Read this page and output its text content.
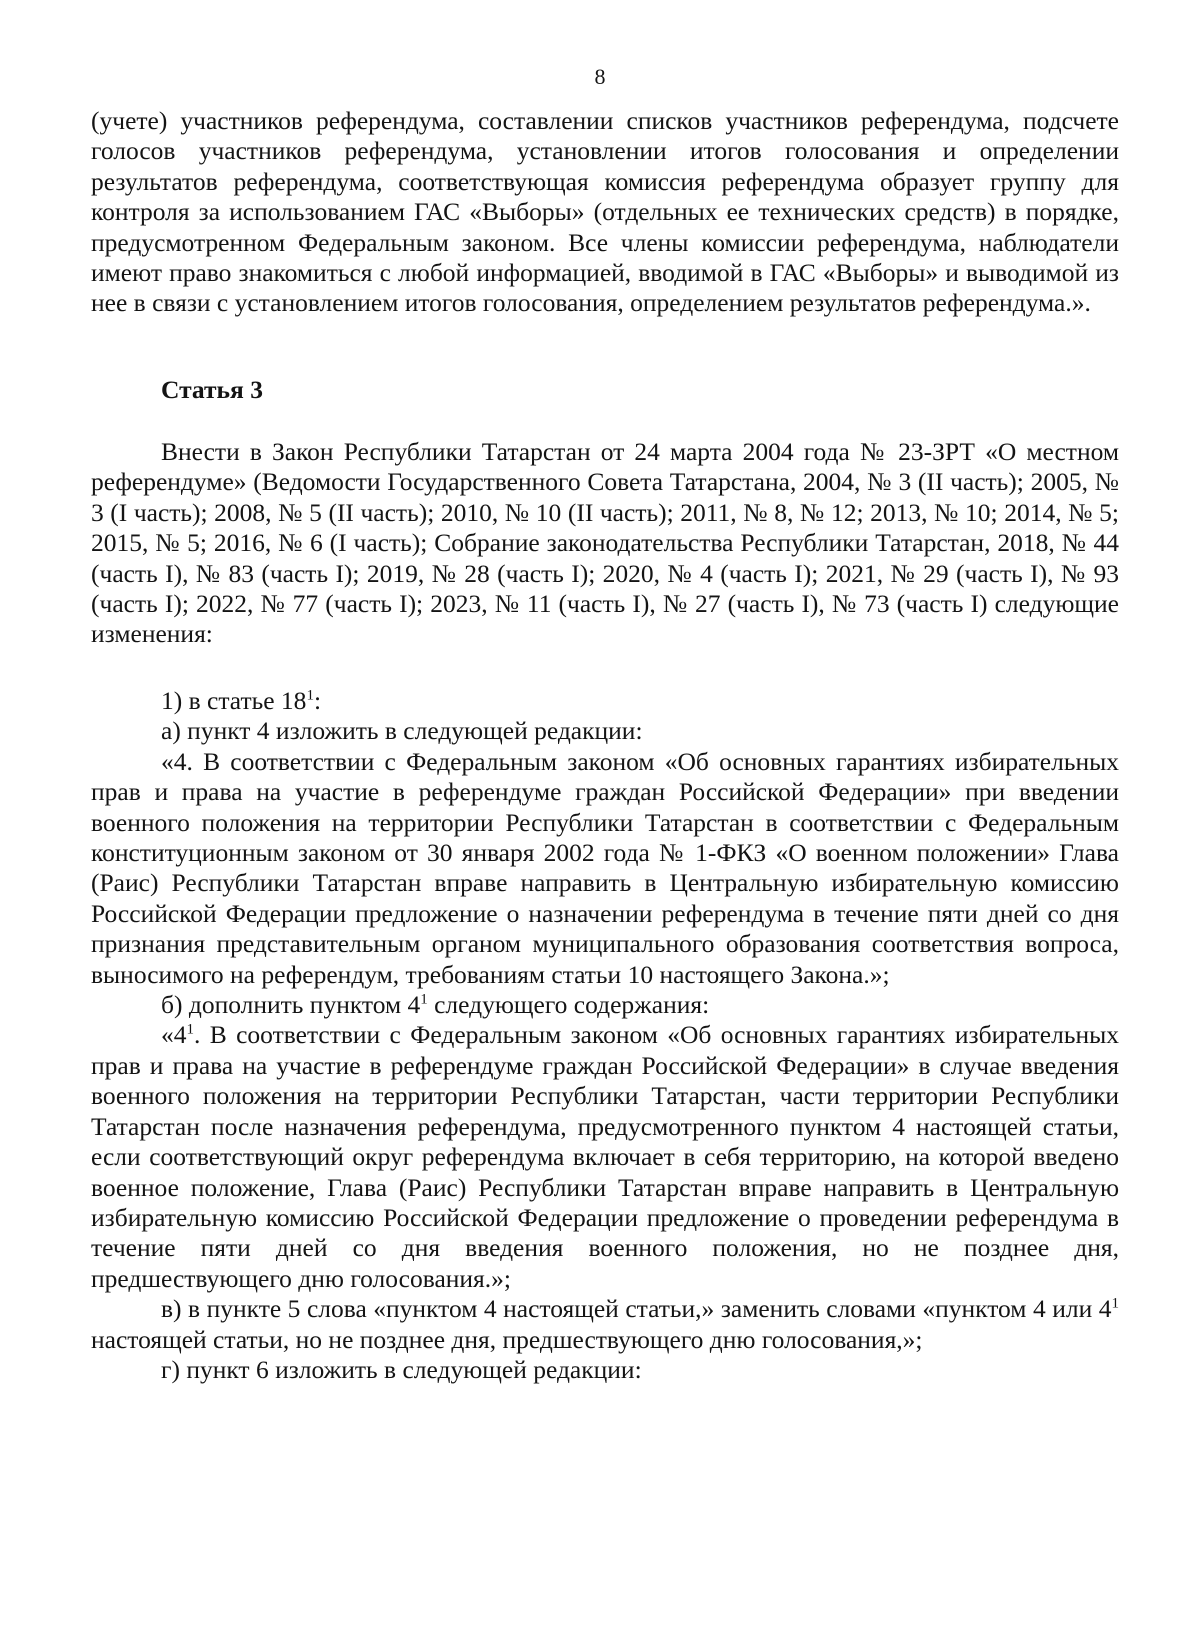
8

(учете) участников референдума, составлении списков участников референдума, подсчете голосов участников референдума, установлении итогов голосования и определении результатов референдума, соответствующая комиссия референдума образует группу для контроля за использованием ГАС «Выборы» (отдельных ее технических средств) в порядке, предусмотренном Федеральным законом. Все члены комиссии референдума, наблюдатели имеют право знакомиться с любой информацией, вводимой в ГАС «Выборы» и выводимой из нее в связи с установлением итогов голосования, определением результатов референдума.».

Статья 3

Внести в Закон Республики Татарстан от 24 марта 2004 года № 23-ЗРТ «О местном референдуме» (Ведомости Государственного Совета Татарстана, 2004, № 3 (II часть); 2005, № 3 (I часть); 2008, № 5 (II часть); 2010, № 10 (II часть); 2011, № 8, № 12; 2013, № 10; 2014, № 5; 2015, № 5; 2016, № 6 (I часть); Собрание законодательства Республики Татарстан, 2018, № 44 (часть I), № 83 (часть I); 2019, № 28 (часть I); 2020, № 4 (часть I); 2021, № 29 (часть I), № 93 (часть I); 2022, № 77 (часть I); 2023, № 11 (часть I), № 27 (часть I), № 73 (часть I) следующие изменения:

1) в статье $18^1$:

а) пункт 4 изложить в следующей редакции:

«4. В соответствии с Федеральным законом «Об основных гарантиях избирательных прав и права на участие в референдуме граждан Российской Федерации» при введении военного положения на территории Республики Татарстан в соответствии с Федеральным конституционным законом от 30 января 2002 года № 1-ФКЗ «О военном положении» Глава (Раис) Республики Татарстан вправе направить в Центральную избирательную комиссию Российской Федерации предложение о назначении референдума в течение пяти дней со дня признания представительным органом муниципального образования соответствия вопроса, выносимого на референдум, требованиям статьи 10 настоящего Закона.»;

б) дополнить пунктом $4^1$ следующего содержания:

«$4^1$. В соответствии с Федеральным законом «Об основных гарантиях избирательных прав и права на участие в референдуме граждан Российской Федерации» в случае введения военного положения на территории Республики Татарстан, части территории Республики Татарстан после назначения референдума, предусмотренного пунктом 4 настоящей статьи, если соответствующий округ референдума включает в себя территорию, на которой введено военное положение, Глава (Раис) Республики Татарстан вправе направить в Центральную избирательную комиссию Российской Федерации предложение о проведении референдума в течение пяти дней со дня введения военного положения, но не позднее дня, предшествующего дню голосования.»;

в) в пункте 5 слова «пунктом 4 настоящей статьи,» заменить словами «пунктом 4 или $4^1$ настоящей статьи, но не позднее дня, предшествующего дню голосования,»;

г) пункт 6 изложить в следующей редакции:
